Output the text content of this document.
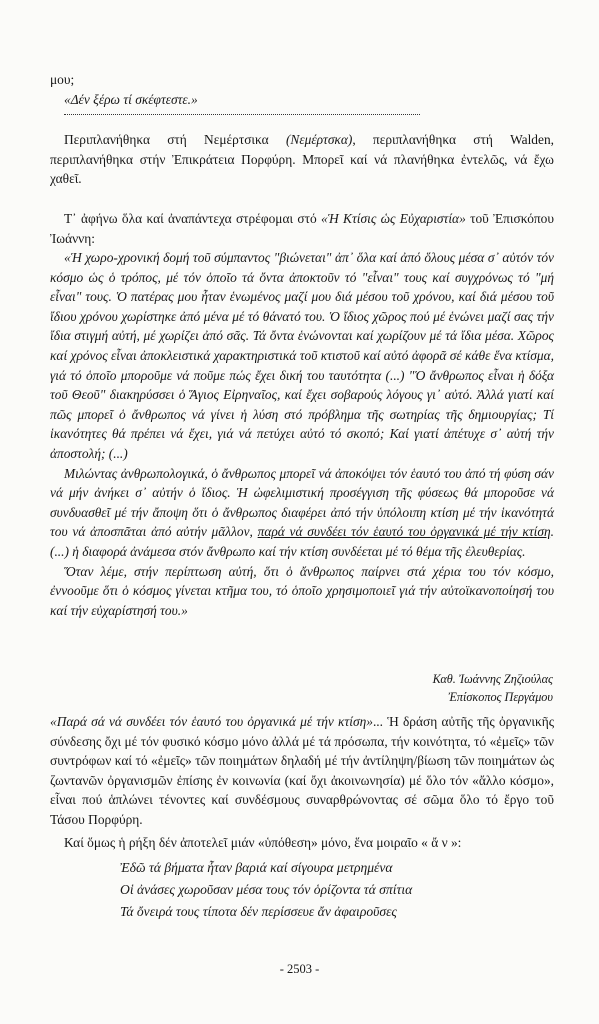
μου;

«Δέν ξέρω τί σκέφτεστε.»

Περιπλανήθηκα στή Νεμέρτσικα (Νεμέρτσκα), περιπλανήθηκα στή Walden, περιπλανήθηκα στήν Ἐπικράτεια Πορφύρη. Μπορεῖ καί νά πλανήθηκα ἐντελῶς, νά ἔχω χαθεῖ.

Τ᾽ ἀφήνω ὅλα καί ἀναπάντεχα στρέφομαι στό «Ἡ Κτίσις ὡς Εὐχαριστία» τοῦ Ἐπισκόπου Ἰωάννη:

«Ἡ χωρο-χρονική δομή τοῦ σύμπαντος "βιώνεται" ἀπ᾽ ὅλα καί ἀπό ὅλους μέσα σ᾽ αὐτόν τόν κόσμο ὡς ὁ τρόπος, μέ τόν ὁποῖο τά ὄντα ἀποκτοῦν τό "εἶναι" τους καί συγχρόνως τό "μή εἶναι" τους. Ὁ πατέρας μου ἦταν ἑνωμένος μαζί μου διά μέσου τοῦ χρόνου, καί διά μέσου τοῦ ἴδιου χρόνου χωρίστηκε ἀπό μένα μέ τό θάνατό του. Ὁ ἴδιος χῶρος πού μέ ἑνώνει μαζί σας τήν ἴδια στιγμή αὐτή, μέ χωρίζει ἀπό σᾶς. Τά ὄντα ἑνώνονται καί χωρίζουν μέ τά ἴδια μέσα. Χῶρος καί χρόνος εἶναι ἀποκλειστικά χαρακτηριστικά τοῦ κτιστοῦ καί αὐτό ἀφορᾶ σέ κάθε ἕνα κτίσμα, γιά τό ὁποῖο μποροῦμε νά ποῦμε πώς ἔχει δική του ταυτότητα (...) "Ὁ ἄνθρωπος εἶναι ἡ δόξα τοῦ Θεοῦ" διακηρύσσει ὁ Ἅγιος Εἰρηναῖος, καί ἔχει σοβαρούς λόγους γι᾽ αὐτό. Ἀλλά γιατί καί πῶς μπορεῖ ὁ ἄνθρωπος νά γίνει ἡ λύση στό πρόβλημα τῆς σωτηρίας τῆς δημιουργίας; Τί ἱκανότητες θά πρέπει νά ἔχει, γιά νά πετύχει αὐτό τό σκοπό; Καί γιατί ἀπέτυχε σ᾽ αὐτή τήν ἀποστολή; (...)

Μιλώντας ἀνθρωπολογικά, ὁ ἄνθρωπος μπορεῖ νά ἀποκόψει τόν ἑαυτό του ἀπό τή φύση σάν νά μήν ἀνήκει σ᾽ αὐτήν ὁ ἴδιος. Ἡ ὠφελιμιστική προσέγγιση τῆς φύσεως θά μποροῦσε νά συνδυασθεῖ μέ τήν ἄποψη ὅτι ὁ ἄνθρωπος διαφέρει ἀπό τήν ὑπόλοιπη κτίση μέ τήν ἱκανότητά του νά ἀποσπᾶται ἀπό αὐτήν μᾶλλον, παρά νά συνδέει τόν ἑαυτό του ὀργανικά μέ τήν κτίση. (...) ἡ διαφορά ἀνάμεσα στόν ἄνθρωπο καί τήν κτίση συνδέεται μέ τό θέμα τῆς ἐλευθερίας.

Ὅταν λέμε, στήν περίπτωση αὐτή, ὅτι ὁ ἄνθρωπος παίρνει στά χέρια του τόν κόσμο, ἐννοοῦμε ὅτι ὁ κόσμος γίνεται κτῆμα του, τό ὁποῖο χρησιμοποιεῖ γιά τήν αὐτοϊκανοποίησή του καί τήν εὐχαρίστησή του.»

Καθ. Ἰωάννης Ζηζιούλας
Ἐπίσκοπος Περγάμου

«Παρά σά νά συνδέει τόν ἑαυτό του ὀργανικά μέ τήν κτίση»... Ἡ δράση αὐτῆς τῆς ὀργανικῆς σύνδεσης ὄχι μέ τόν φυσικό κόσμο μόνο ἀλλά μέ τά πρόσωπα, τήν κοινότητα, τό «ἐμεῖς» τῶν συντρόφων καί τό «ἐμεῖς» τῶν ποιημάτων δηλαδή μέ τήν ἀντίληψη/βίωση τῶν ποιημάτων ὡς ζωντανῶν ὀργανισμῶν ἐπίσης ἐν κοινωνία (καί ὄχι ἀκοινωνησία) μέ ὅλο τόν «ἄλλο κόσμο», εἶναι πού ἁπλώνει τένοντες καί συνδέσμους συναρθρώνοντας σέ σῶμα ὅλο τό ἔργο τοῦ Τάσου Πορφύρη.

Καί ὅμως ἡ ρήξη δέν ἀποτελεῖ μιάν «ὑπόθεση» μόνο, ἕνα μοιραῖο « ἄ ν »:

Ἐδῶ τά βήματα ἦταν βαριά καί σίγουρα μετρημένα
Οἱ ἀνάσες χωροῦσαν μέσα τους τόν ὁρίζοντα τά σπίτια
Τά ὄνειρά τους τίποτα δέν περίσσευε ἄν ἀφαιροῦσες
- 2503 -
